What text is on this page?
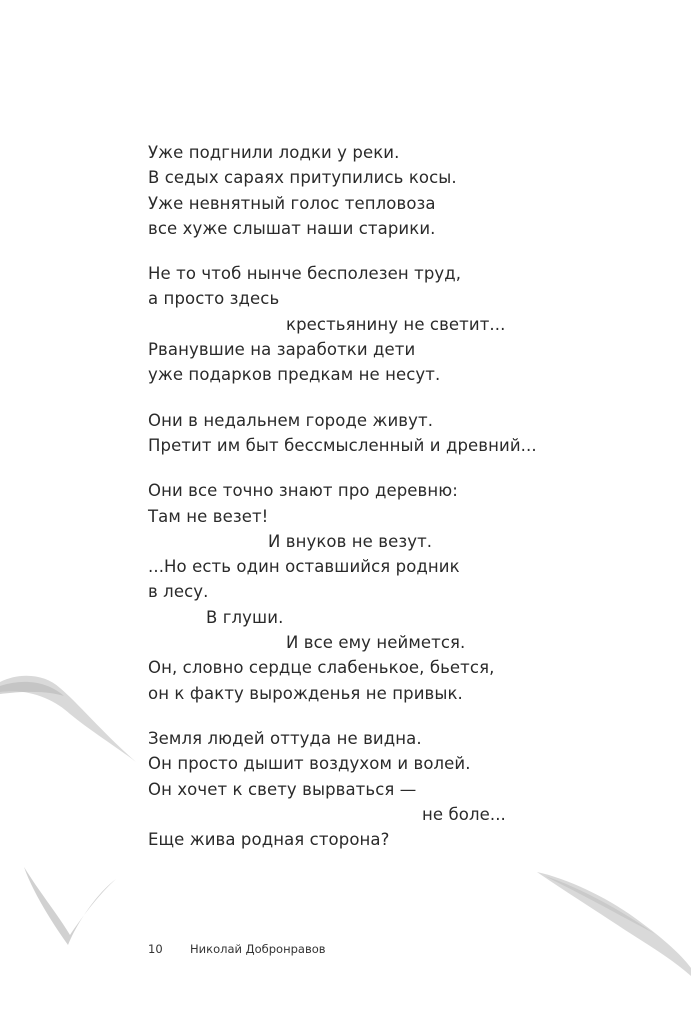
Уже подгнили лодки у реки.
В седых сараях притупились косы.
Уже невнятный голос тепловоза
все хуже слышат наши старики.
Не то чтоб нынче бесполезен труд,
а просто здесь
крестьянину не светит...
Рванувшие на заработки дети
уже подарков предкам не несут.
Они в недальнем городе живут.
Претит им быт бессмысленный и древний...
Они все точно знают про деревню:
Там не везет!
И внуков не везут.
...Но есть один оставшийся родник
в лесу.
В глуши.
И все ему неймется.
Он, словно сердце слабенькое, бьется,
он к факту вырожденья не привык.
Земля людей оттуда не видна.
Он просто дышит воздухом и волей.
Он хочет к свету вырваться —
не боле...
Еще жива родная сторона?
10 Николай Добронравов
